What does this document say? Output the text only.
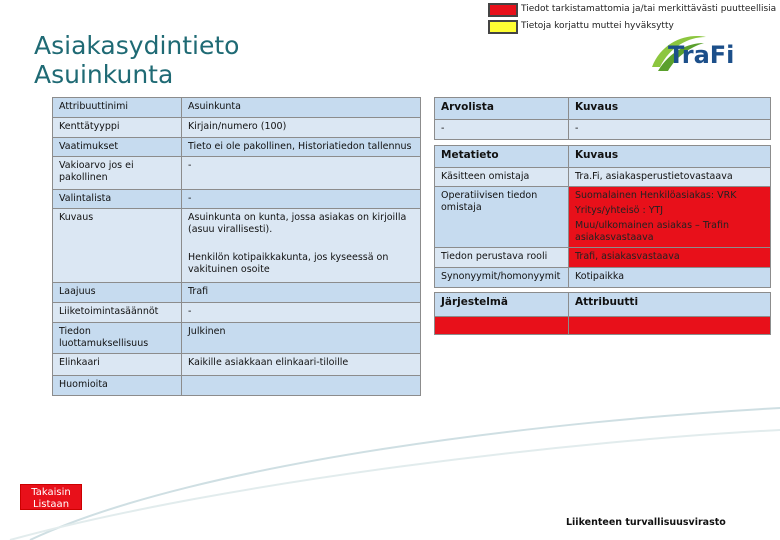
Tiedot tarkistamattomia ja/tai merkittävästi puutteellisia
Tietoja korjattu muttei hyväksytty
Asiakasydintieto
Asuinkunta
TraFi
Attribuuttinimi	Asuinkunta
Kenttätyyppi	Kirjain/numero (100)
Vaatimukset	Tieto ei ole pakollinen, Historiatiedon tallennus
Vakioarvo jos ei pakollinen	-
Valintalista	-
Kuvaus	Asuinkunta on kunta, jossa asiakas on kirjoilla (asuu virallisesti).
Henkilön kotipaikkakunta, jos kyseessä on vakituinen osoite

Laajuus	Trafi
Liiketoimintasäännöt	-
Tiedon luottamuksellisuus	Julkinen
Elinkaari	Kaikille asiakkaan elinkaari-tiloille
Huomioita	
Arvolista	Kuvaus
-	-
Metatieto	Kuvaus
Käsitteen omistaja	Tra.Fi, asiakasperustietovastaava
Operatiivisen tiedon omistaja	Suomalainen Henkilöasiakas: VRK
Yritys/yhteisö : YTJ
Muu/ulkomainen asiakas – Trafin asiakasvastaava

Tiedon perustava rooli	Trafi, asiakasvastaava
Synonyymit/homonyymit	Kotipaikka
Järjestelmä	Attribuutti

Takaisin
Listaan
Liikenteen turvallisuusvirasto
